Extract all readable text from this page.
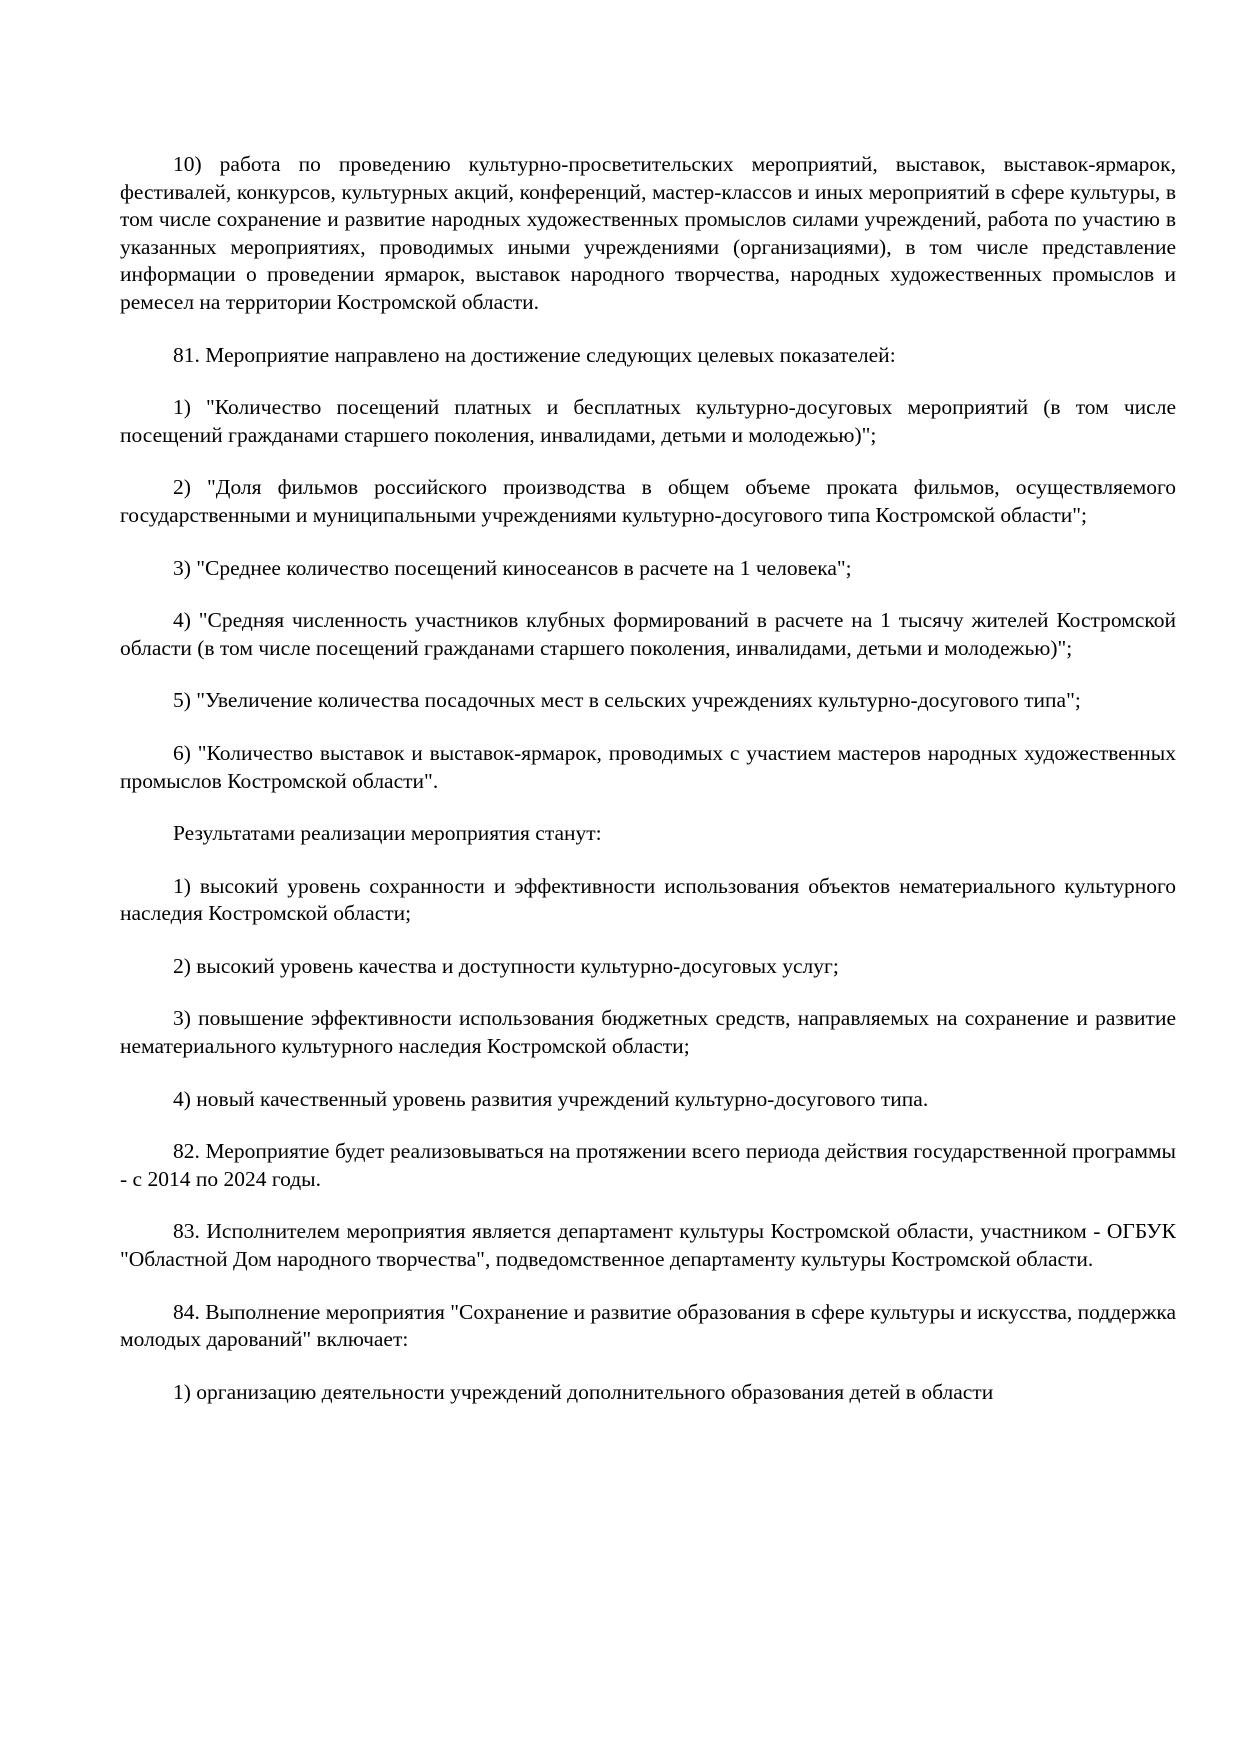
10) работа по проведению культурно-просветительских мероприятий, выставок, выставок-ярмарок, фестивалей, конкурсов, культурных акций, конференций, мастер-классов и иных мероприятий в сфере культуры, в том числе сохранение и развитие народных художественных промыслов силами учреждений, работа по участию в указанных мероприятиях, проводимых иными учреждениями (организациями), в том числе представление информации о проведении ярмарок, выставок народного творчества, народных художественных промыслов и ремесел на территории Костромской области.

81. Мероприятие направлено на достижение следующих целевых показателей:

1) "Количество посещений платных и бесплатных культурно-досуговых мероприятий (в том числе посещений гражданами старшего поколения, инвалидами, детьми и молодежью)";

2) "Доля фильмов российского производства в общем объеме проката фильмов, осуществляемого государственными и муниципальными учреждениями культурно-досугового типа Костромской области";

3) "Среднее количество посещений киносеансов в расчете на 1 человека";

4) "Средняя численность участников клубных формирований в расчете на 1 тысячу жителей Костромской области (в том числе посещений гражданами старшего поколения, инвалидами, детьми и молодежью)";

5) "Увеличение количества посадочных мест в сельских учреждениях культурно-досугового типа";

6) "Количество выставок и выставок-ярмарок, проводимых с участием мастеров народных художественных промыслов Костромской области".

Результатами реализации мероприятия станут:

1) высокий уровень сохранности и эффективности использования объектов нематериального культурного наследия Костромской области;

2) высокий уровень качества и доступности культурно-досуговых услуг;

3) повышение эффективности использования бюджетных средств, направляемых на сохранение и развитие нематериального культурного наследия Костромской области;

4) новый качественный уровень развития учреждений культурно-досугового типа.

82. Мероприятие будет реализовываться на протяжении всего периода действия государственной программы - с 2014 по 2024 годы.

83. Исполнителем мероприятия является департамент культуры Костромской области, участником - ОГБУК "Областной Дом народного творчества", подведомственное департаменту культуры Костромской области.

84. Выполнение мероприятия "Сохранение и развитие образования в сфере культуры и искусства, поддержка молодых дарований" включает:

1) организацию деятельности учреждений дополнительного образования детей в области
